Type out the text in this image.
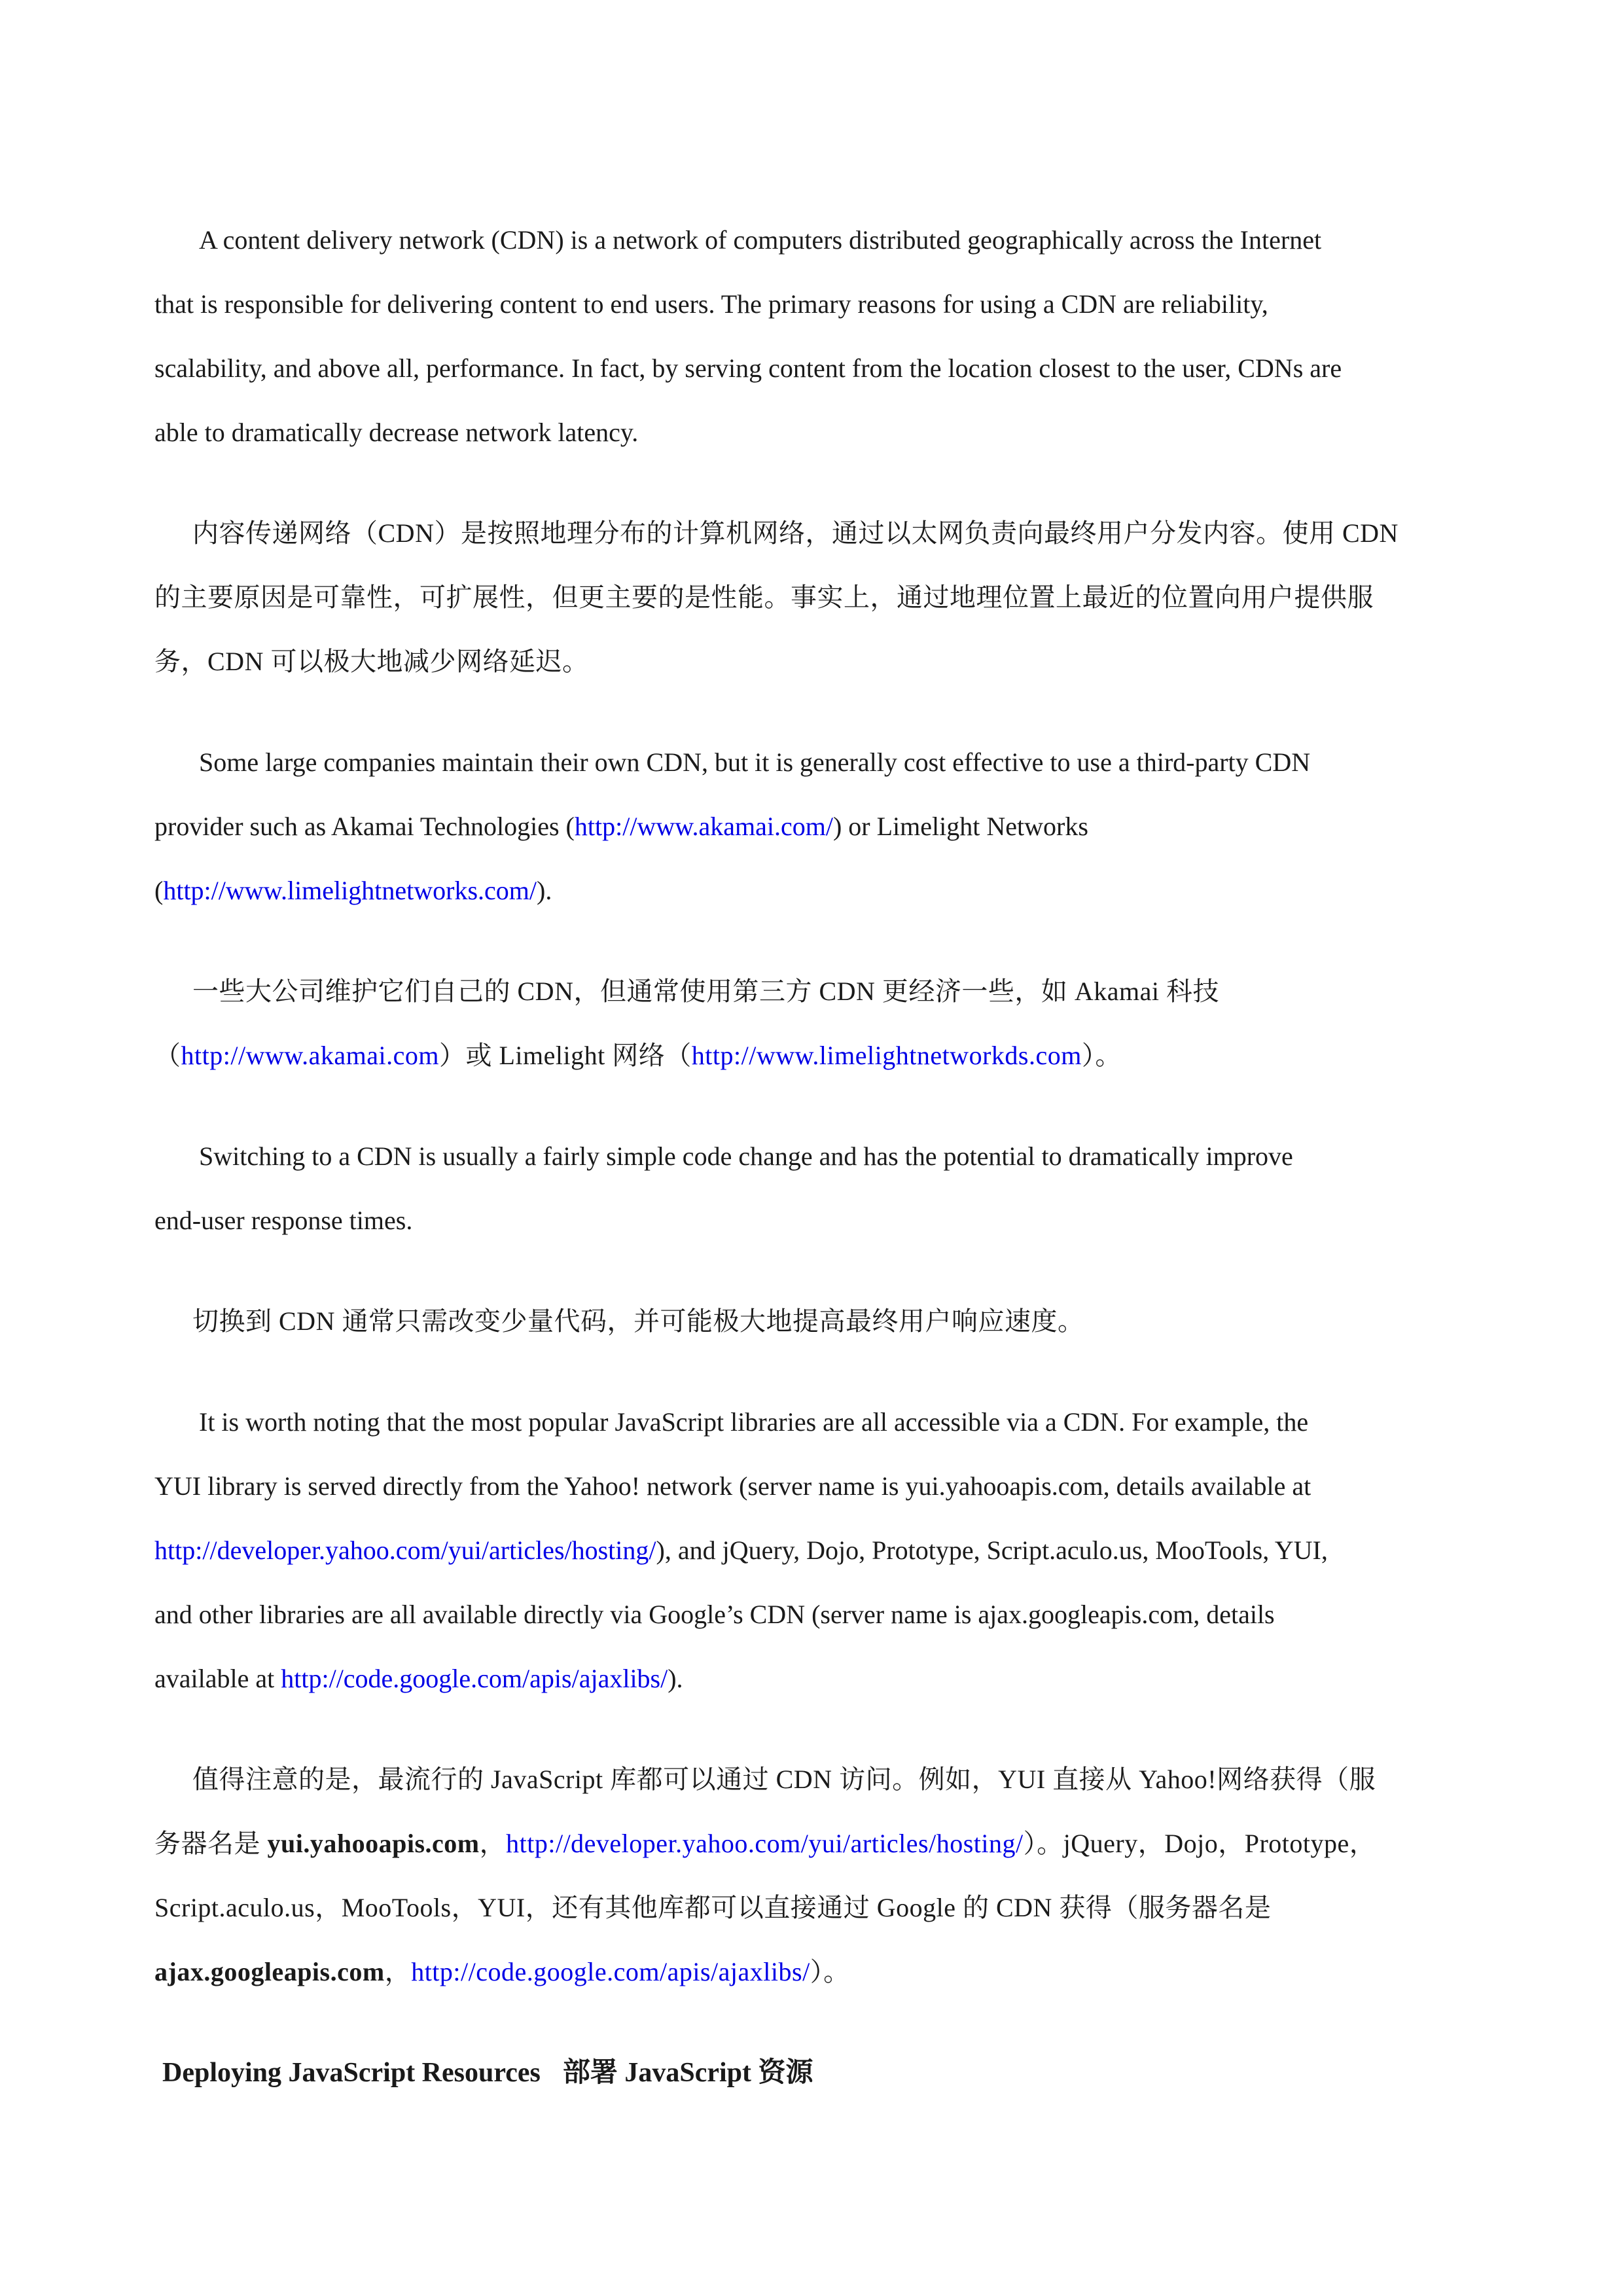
A content delivery network (CDN) is a network of computers distributed geographically across the Internet
that is responsible for delivering content to end users. The primary reasons for using a CDN are reliability,
scalability, and above all, performance. In fact, by serving content from the location closest to the user, CDNs are
able to dramatically decrease network latency.
内容传递网络（CDN）是按照地理分布的计算机网络，通过以太网负责向最终用户分发内容。使用 CDN
的主要原因是可靠性，可扩展性，但更主要的是性能。事实上，通过地理位置上最近的位置向用户提供服
务，CDN 可以极大地减少网络延迟。
Some large companies maintain their own CDN, but it is generally cost effective to use a third-party CDN
provider such as Akamai Technologies (http://www.akamai.com/) or Limelight Networks
(http://www.limelightnetworks.com/).
一些大公司维护它们自己的 CDN，但通常使用第三方 CDN 更经济一些，如 Akamai 科技
（http://www.akamai.com）或 Limelight 网络（http://www.limelightnetworkds.com）。
Switching to a CDN is usually a fairly simple code change and has the potential to dramatically improve
end-user response times.
切换到 CDN 通常只需改变少量代码，并可能极大地提高最终用户响应速度。
It is worth noting that the most popular JavaScript libraries are all accessible via a CDN. For example, the
YUI library is served directly from the Yahoo! network (server name is yui.yahooapis.com, details available at
http://developer.yahoo.com/yui/articles/hosting/), and jQuery, Dojo, Prototype, Script.aculo.us, MooTools, YUI,
and other libraries are all available directly via Google’s CDN (server name is ajax.googleapis.com, details
available at http://code.google.com/apis/ajaxlibs/).
值得注意的是，最流行的 JavaScript 库都可以通过 CDN 访问。例如，YUI 直接从 Yahoo!网络获得（服
务器名是 yui.yahooapis.com，http://developer.yahoo.com/yui/articles/hosting/）。jQuery，Dojo，Prototype，
Script.aculo.us，MooTools，YUI，还有其他库都可以直接通过 Google 的 CDN 获得（服务器名是
ajax.googleapis.com，http://code.google.com/apis/ajaxlibs/）。
Deploying JavaScript Resources 部署 JavaScript 资源
